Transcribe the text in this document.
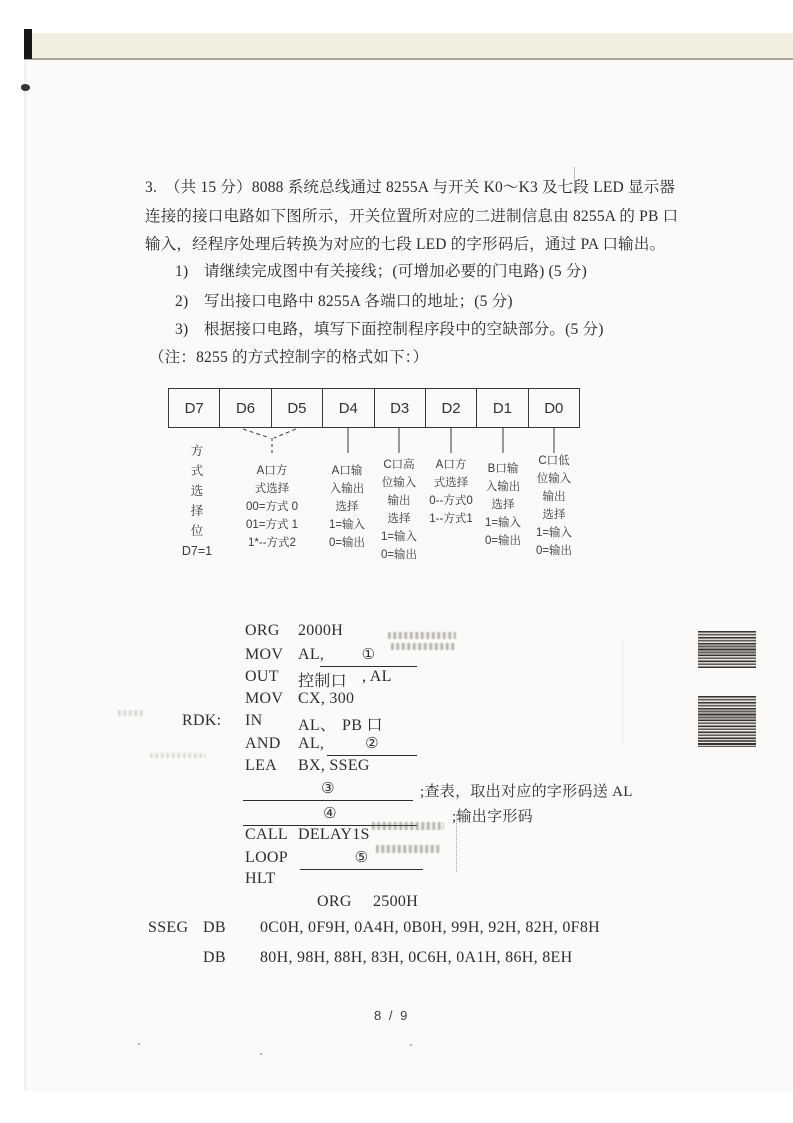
3.　（共 15 分）8088 系统总线通过 8255A 与开关 K0～K3 及七段 LED 显示器
连接的接口电路如下图所示，开关位置所对应的二进制信息由 8255A 的 PB 口
输入，经程序处理后转换为对应的七段 LED 的字形码后，通过 PA 口输出。
1)　请继续完成图中有关接线；(可增加必要的门电路) (5 分)
2)　写出接口电路中 8255A 各端口的地址；(5 分)
3)　根据接口电路，填写下面控制程序段中的空缺部分。(5 分)
（注：8255 的方式控制字的格式如下：）
D7	D6	D5	D4	D3	D2	D1	D0
方
式
选
择
位
D7=1
A口方
式选择
00=方式 0
01=方式 1
1*--方式2
A口输
入输出
选择
1=输入
0=输出
C口高
位输入
输出
选择
1=输入
0=输出
A口方
式选择
0--方式0
1--方式1
B口输
入输出
选择
1=输入
0=输出
C口低
位输入
输出
选择
1=输入
0=输出
ORG 2000H
MOV AL,	①
OUT 控制口 , AL
MOV CX, 300
RDK: IN AL、 PB 口
AND AL,	②
LEA BX, SSEG
③	;查表，取出对应的字形码送 AL
④	;输出字形码
CALL DELAY1S
LOOP	⑤
HLT
ORG 2500H
SSEG DB 0C0H, 0F9H, 0A4H, 0B0H, 99H, 92H, 82H, 0F8H
DB 80H, 98H, 88H, 83H, 0C6H, 0A1H, 86H, 8EH
8 / 9
